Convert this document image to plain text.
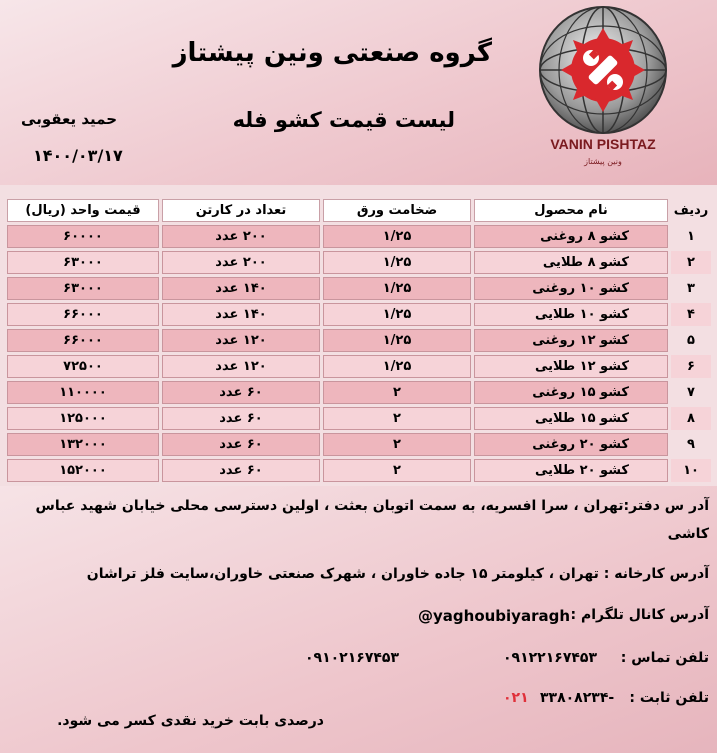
VANIN PISHTAZ
ونین پیشتاز
گروه صنعتی ونین پیشتاز
لیست قیمت کشو فله
حمید یعقوبی
۱۴۰۰/۰۳/۱۷
ردیف	نام محصول	ضخامت ورق	تعداد در کارتن	قیمت واحد (ریال)
۱	کشو ۸ روغنی	۱/۲۵	۲۰۰ عدد	۶۰۰۰۰
۲	کشو ۸ طلایی	۱/۲۵	۲۰۰ عدد	۶۳۰۰۰
۳	کشو ۱۰ روغنی	۱/۲۵	۱۴۰ عدد	۶۳۰۰۰
۴	کشو ۱۰ طلایی	۱/۲۵	۱۴۰ عدد	۶۶۰۰۰
۵	کشو ۱۲ روغنی	۱/۲۵	۱۲۰ عدد	۶۶۰۰۰
۶	کشو ۱۲ طلایی	۱/۲۵	۱۲۰ عدد	۷۲۵۰۰
۷	کشو ۱۵ روغنی	۲	۶۰ عدد	۱۱۰۰۰۰
۸	کشو ۱۵ طلایی	۲	۶۰ عدد	۱۲۵۰۰۰
۹	کشو ۲۰ روغنی	۲	۶۰ عدد	۱۳۲۰۰۰
۱۰	کشو ۲۰ طلایی	۲	۶۰ عدد	۱۵۲۰۰۰
آدر س دفتر:تهران ، سرا افسریه، به سمت اتوبان بعثت ، اولین دسترسی محلی خیابان شهید عباس
کاشی
آدرس کارخانه : تهران ، کیلومتر ۱۵ جاده خاوران ، شهرک صنعتی خاوران،سایت فلز تراشان
آدرس کانال تلگرام :
@yaghoubiyaragh
تلفن تماس :
۰۹۱۲۲۱۶۷۴۵۳
۰۹۱۰۲۱۶۷۴۵۳
تلفن ثابت :
۳۳۸۰۸۲۳۴-
۰۲۱
درصدی بابت خرید نقدی کسر می شود.
